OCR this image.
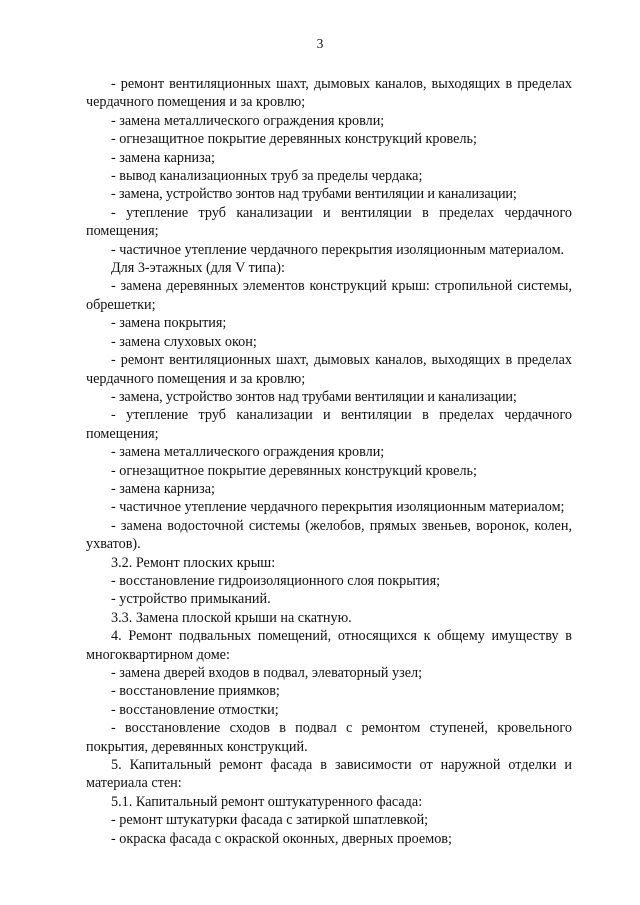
3

- ремонт вентиляционных шахт, дымовых каналов, выходящих в пределах чердачного помещения и за кровлю;

- замена металлического ограждения кровли;

- огнезащитное покрытие деревянных конструкций кровель;

- замена карниза;

- вывод канализационных труб за пределы чердака;

- замена, устройство зонтов над трубами вентиляции и канализации;

- утепление труб канализации и вентиляции в пределах чердачного помещения;

- частичное утепление чердачного перекрытия изоляционным материалом.

Для 3-этажных (для V типа):

- замена деревянных элементов конструкций крыш: стропильной системы, обрешетки;

- замена покрытия;

- замена слуховых окон;

- ремонт вентиляционных шахт, дымовых каналов, выходящих в пределах чердачного помещения и за кровлю;

- замена, устройство зонтов над трубами вентиляции и канализации;

- утепление труб канализации и вентиляции в пределах чердачного помещения;

- замена металлического ограждения кровли;

- огнезащитное покрытие деревянных конструкций кровель;

- замена карниза;

- частичное утепление чердачного перекрытия изоляционным материалом;

- замена водосточной системы (желобов, прямых звеньев, воронок, колен, ухватов).

3.2. Ремонт плоских крыш:

- восстановление гидроизоляционного слоя покрытия;

- устройство примыканий.

3.3. Замена плоской крыши на скатную.

4. Ремонт подвальных помещений, относящихся к общему имуществу в многоквартирном доме:

- замена дверей входов в подвал, элеваторный узел;

- восстановление приямков;

- восстановление отмостки;

- восстановление сходов в подвал с ремонтом ступеней, кровельного покрытия, деревянных конструкций.

5. Капитальный ремонт фасада в зависимости от наружной отделки и материала стен:

5.1. Капитальный ремонт оштукатуренного фасада:

- ремонт штукатурки фасада с затиркой шпатлевкой;

- окраска фасада с окраской оконных, дверных проемов;
